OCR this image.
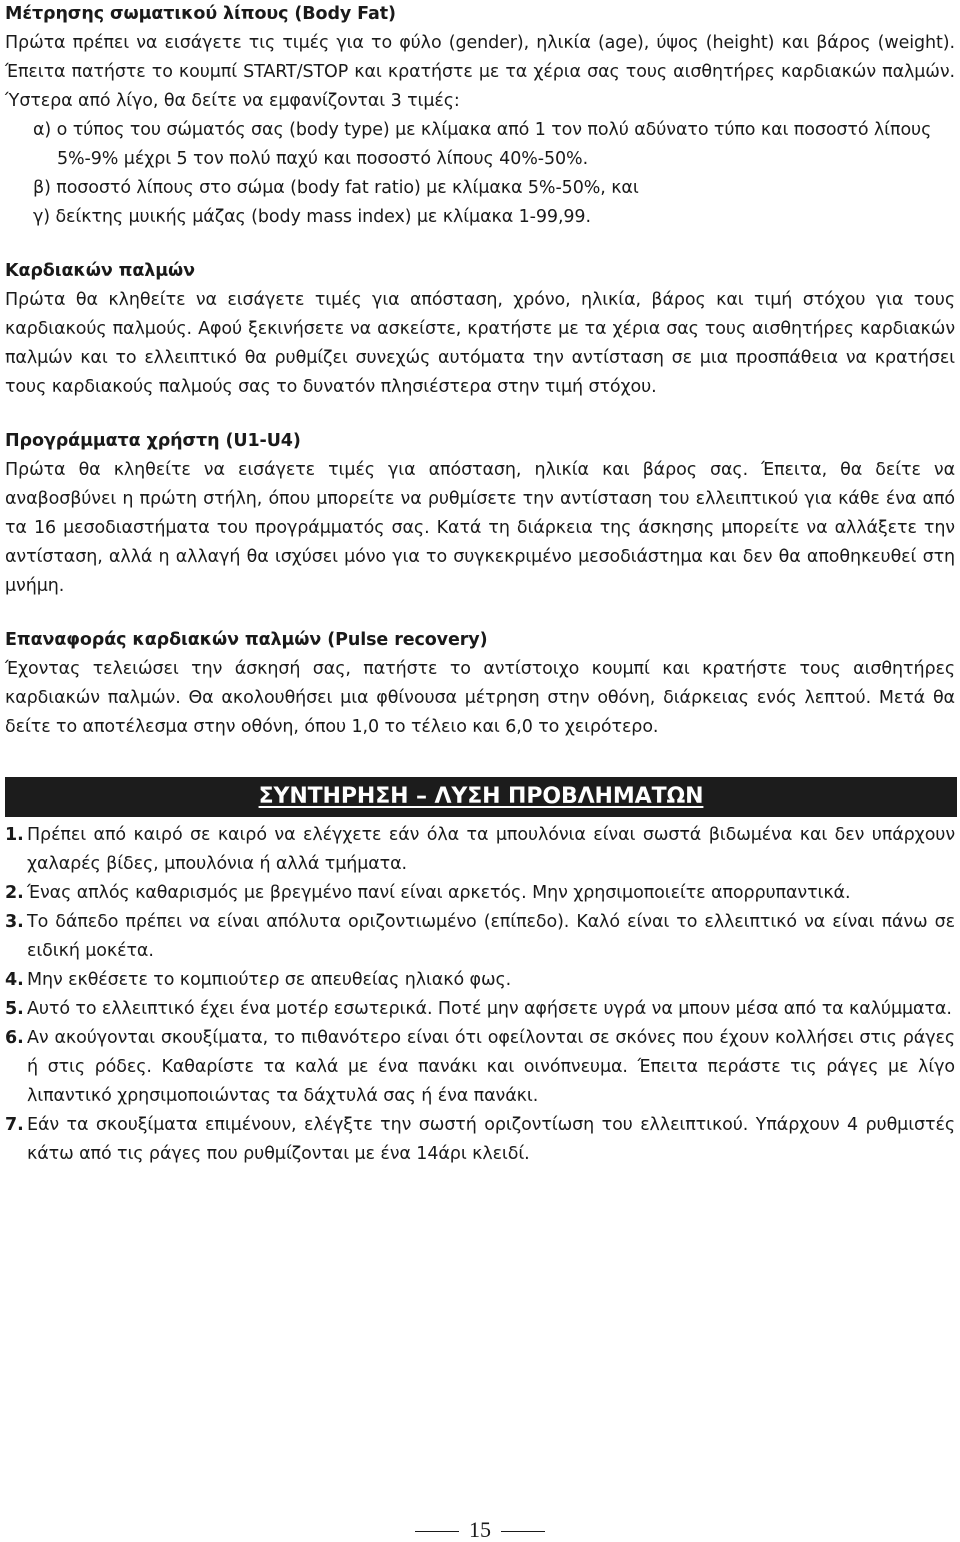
Μέτρησης σωματικού λίπους (Body Fat)

Πρώτα πρέπει να εισάγετε τις τιμές για το φύλο (gender), ηλικία (age), ύψος (height) και βάρος (weight). Έπειτα πατήστε το κουμπί START/STOP και κρατήστε με τα χέρια σας τους αισθητήρες καρδιακών παλμών. Ύστερα από λίγο, θα δείτε να εμφανίζονται 3 τιμές:

α) ο τύπος του σώματός σας (body type) με κλίμακα από 1 τον πολύ αδύνατο τύπο και ποσοστό λίπους 5%-9% μέχρι 5 τον πολύ παχύ και ποσοστό λίπους 40%-50%.
β) ποσοστό λίπους στο σώμα (body fat ratio) με κλίμακα 5%-50%, και
γ) δείκτης μυικής μάζας (body mass index) με κλίμακα 1-99,99.
Καρδιακών παλμών

Πρώτα θα κληθείτε να εισάγετε τιμές για απόσταση, χρόνο, ηλικία, βάρος και τιμή στόχου για τους καρδιακούς παλμούς. Αφού ξεκινήσετε να ασκείστε, κρατήστε με τα χέρια σας τους αισθητήρες καρδιακών παλμών και το ελλειπτικό θα ρυθμίζει συνεχώς αυτόματα την αντίσταση σε μια προσπάθεια να κρατήσει τους καρδιακούς παλμούς σας το δυνατόν πλησιέστερα στην τιμή στόχου.

Προγράμματα χρήστη (U1-U4)

Πρώτα θα κληθείτε να εισάγετε τιμές για απόσταση, ηλικία και βάρος σας. Έπειτα, θα δείτε να αναβοσβύνει η πρώτη στήλη, όπου μπορείτε να ρυθμίσετε την αντίσταση του ελλειπτικού για κάθε ένα από τα 16 μεσοδιαστήματα του προγράμματός σας. Κατά τη διάρκεια της άσκησης μπορείτε να αλλάξετε την αντίσταση, αλλά η αλλαγή θα ισχύσει μόνο για το συγκεκριμένο μεσοδιάστημα και δεν θα αποθηκευθεί στη μνήμη.

Επαναφοράς καρδιακών παλμών (Pulse recovery)

Έχοντας τελειώσει την άσκησή σας, πατήστε το αντίστοιχο κουμπί και κρατήστε τους αισθητήρες καρδιακών παλμών. Θα ακολουθήσει μια φθίνουσα μέτρηση στην οθόνη, διάρκειας ενός λεπτού. Μετά θα δείτε το αποτέλεσμα στην οθόνη, όπου 1,0 το τέλειο και 6,0 το χειρότερο.

ΣΥΝΤΗΡΗΣΗ – ΛΥΣΗ ΠΡΟΒΛΗΜΑΤΩΝ
1. Πρέπει από καιρό σε καιρό να ελέγχετε εάν όλα τα μπουλόνια είναι σωστά βιδωμένα και δεν υπάρχουν χαλαρές βίδες, μπουλόνια ή αλλά τμήματα.
2. Ένας απλός καθαρισμός με βρεγμένο πανί είναι αρκετός. Μην χρησιμοποιείτε απορρυπαντικά.
3. Το δάπεδο πρέπει να είναι απόλυτα οριζοντιωμένο (επίπεδο). Καλό είναι το ελλειπτικό να είναι πάνω σε ειδική μοκέτα.
4. Μην εκθέσετε το κομπιούτερ σε απευθείας ηλιακό φως.
5. Αυτό το ελλειπτικό έχει ένα μοτέρ εσωτερικά. Ποτέ μην αφήσετε υγρά να μπουν μέσα από τα καλύμματα.
6. Αν ακούγονται σκουξίματα, το πιθανότερο είναι ότι οφείλονται σε σκόνες που έχουν κολλήσει στις ράγες ή στις ρόδες. Καθαρίστε τα καλά με ένα πανάκι και οινόπνευμα. Έπειτα περάστε τις ράγες με λίγο λιπαντικό χρησιμοποιώντας τα δάχτυλά σας ή ένα πανάκι.
7. Εάν τα σκουξίματα επιμένουν, ελέγξτε την σωστή οριζοντίωση του ελλειπτικού. Υπάρχουν 4 ρυθμιστές κάτω από τις ράγες που ρυθμίζονται με ένα 14άρι κλειδί.
15
